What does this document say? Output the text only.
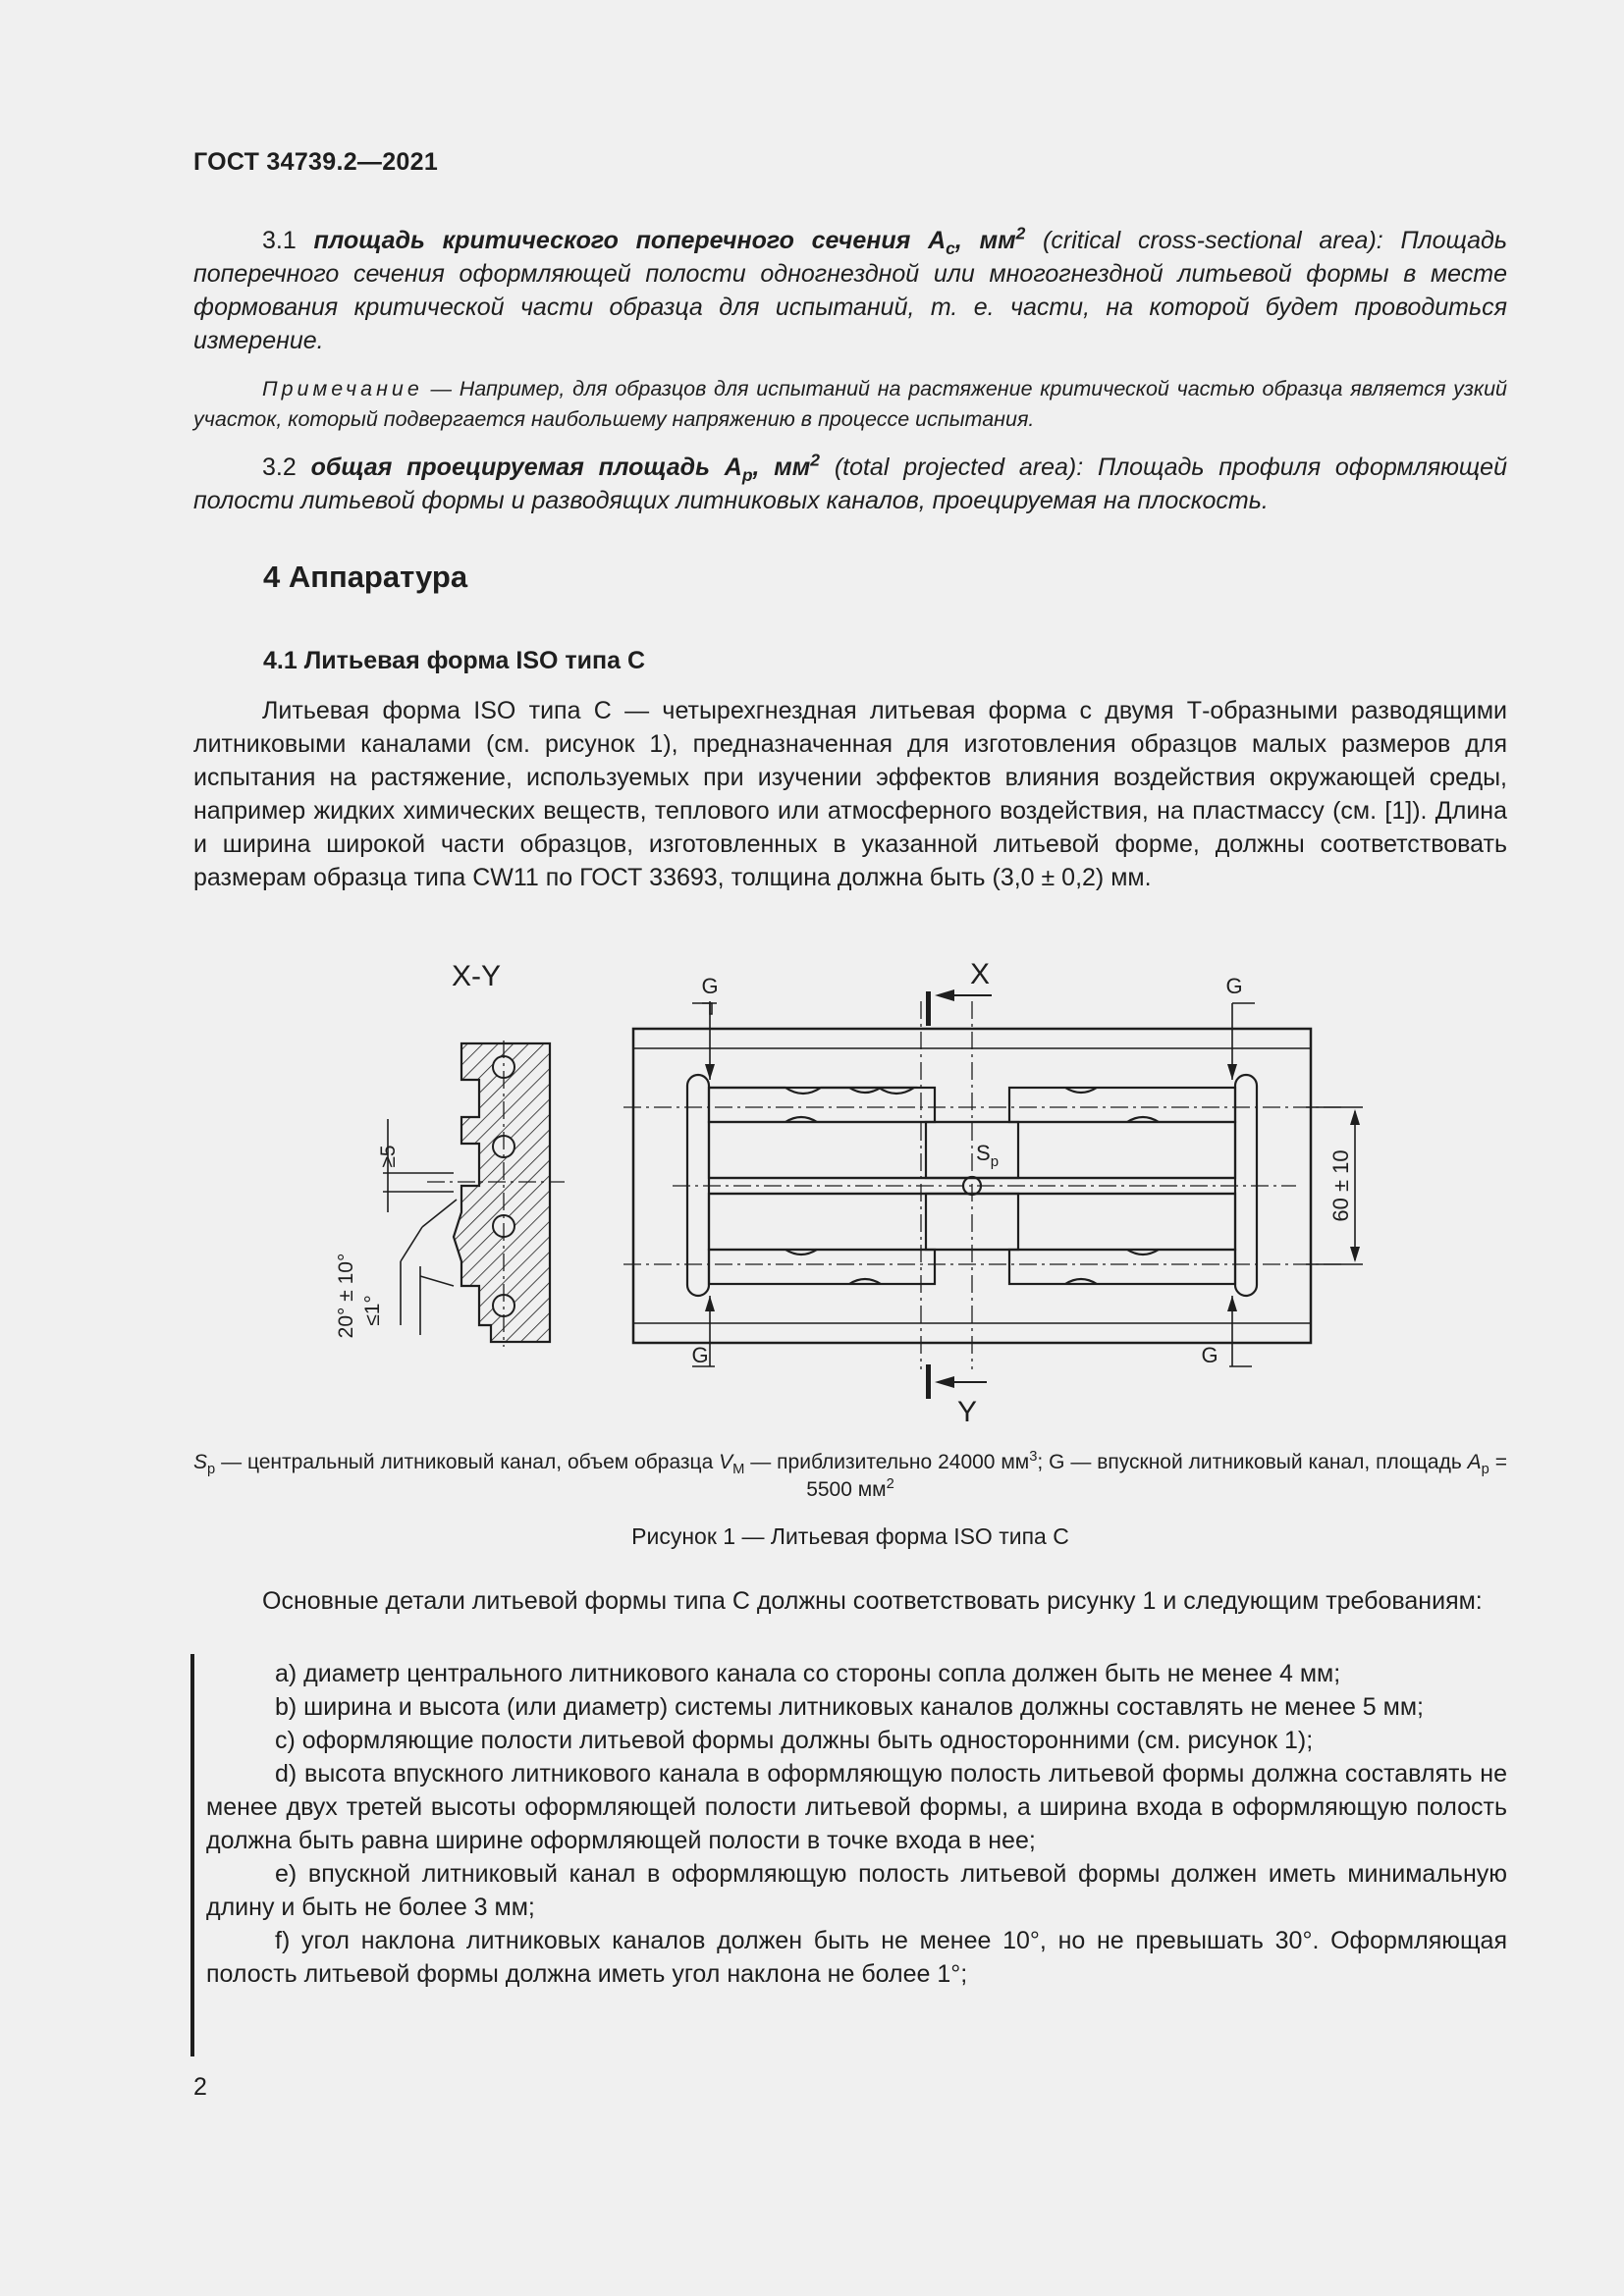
ГОСТ 34739.2—2021
3.1 площадь критического поперечного сечения $A_c$, $мм^2$ (critical cross-sectional area): Площадь поперечного сечения оформляющей полости одногнездной или многогнездной литьевой формы в месте формования критической части образца для испытаний, т. е. части, на которой будет проводиться измерение.
Примечание — Например, для образцов для испытаний на растяжение критической частью образца является узкий участок, который подвергается наибольшему напряжению в процессе испытания.
3.2 общая проецируемая площадь $A_p$, $мм^2$ (total projected area): Площадь профиля оформляющей полости литьевой формы и разводящих литниковых каналов, проецируемая на плоскость.
4 Аппаратура
4.1 Литьевая форма ISO типа С
Литьевая форма ISO типа С — четырехгнездная литьевая форма с двумя Т-образными разводящими литниковыми каналами (см. рисунок 1), предназначенная для изготовления образцов малых размеров для испытания на растяжение, используемых при изучении эффектов влияния воздействия окружающей среды, например жидких химических веществ, теплового или атмосферного воздействия, на пластмассу (см. [1]). Длина и ширина широкой части образцов, изготовленных в указанной литьевой форме, должны соответствовать размерам образца типа CW11 по ГОСТ 33693, толщина должна быть (3,0 ± 0,2) мм.
X-Y
≥5
20° ± 10° ≤1°
X
Y
G	G
G	G
$S_p$	60 ± 10
$S_p$ — центральный литниковый канал, объем образца $V_M$ — приблизительно 24000 $мм^3$; G — впускной литниковый канал, площадь $A_p = 5500$ $мм^2$
Рисунок 1 — Литьевая форма ISO типа С
Основные детали литьевой формы типа С должны соответствовать рисунку 1 и следующим требованиям:

a) диаметр центрального литникового канала со стороны сопла должен быть не менее 4 мм;

b) ширина и высота (или диаметр) системы литниковых каналов должны составлять не менее 5 мм;

c) оформляющие полости литьевой формы должны быть односторонними (см. рисунок 1);

d) высота впускного литникового канала в оформляющую полость литьевой формы должна составлять не менее двух третей высоты оформляющей полости литьевой формы, а ширина входа в оформляющую полость должна быть равна ширине оформляющей полости в точке входа в нее;

e) впускной литниковый канал в оформляющую полость литьевой формы должен иметь минимальную длину и быть не более 3 мм;

f) угол наклона литниковых каналов должен быть не менее 10°, но не превышать 30°. Оформляющая полость литьевой формы должна иметь угол наклона не более 1°;

2
